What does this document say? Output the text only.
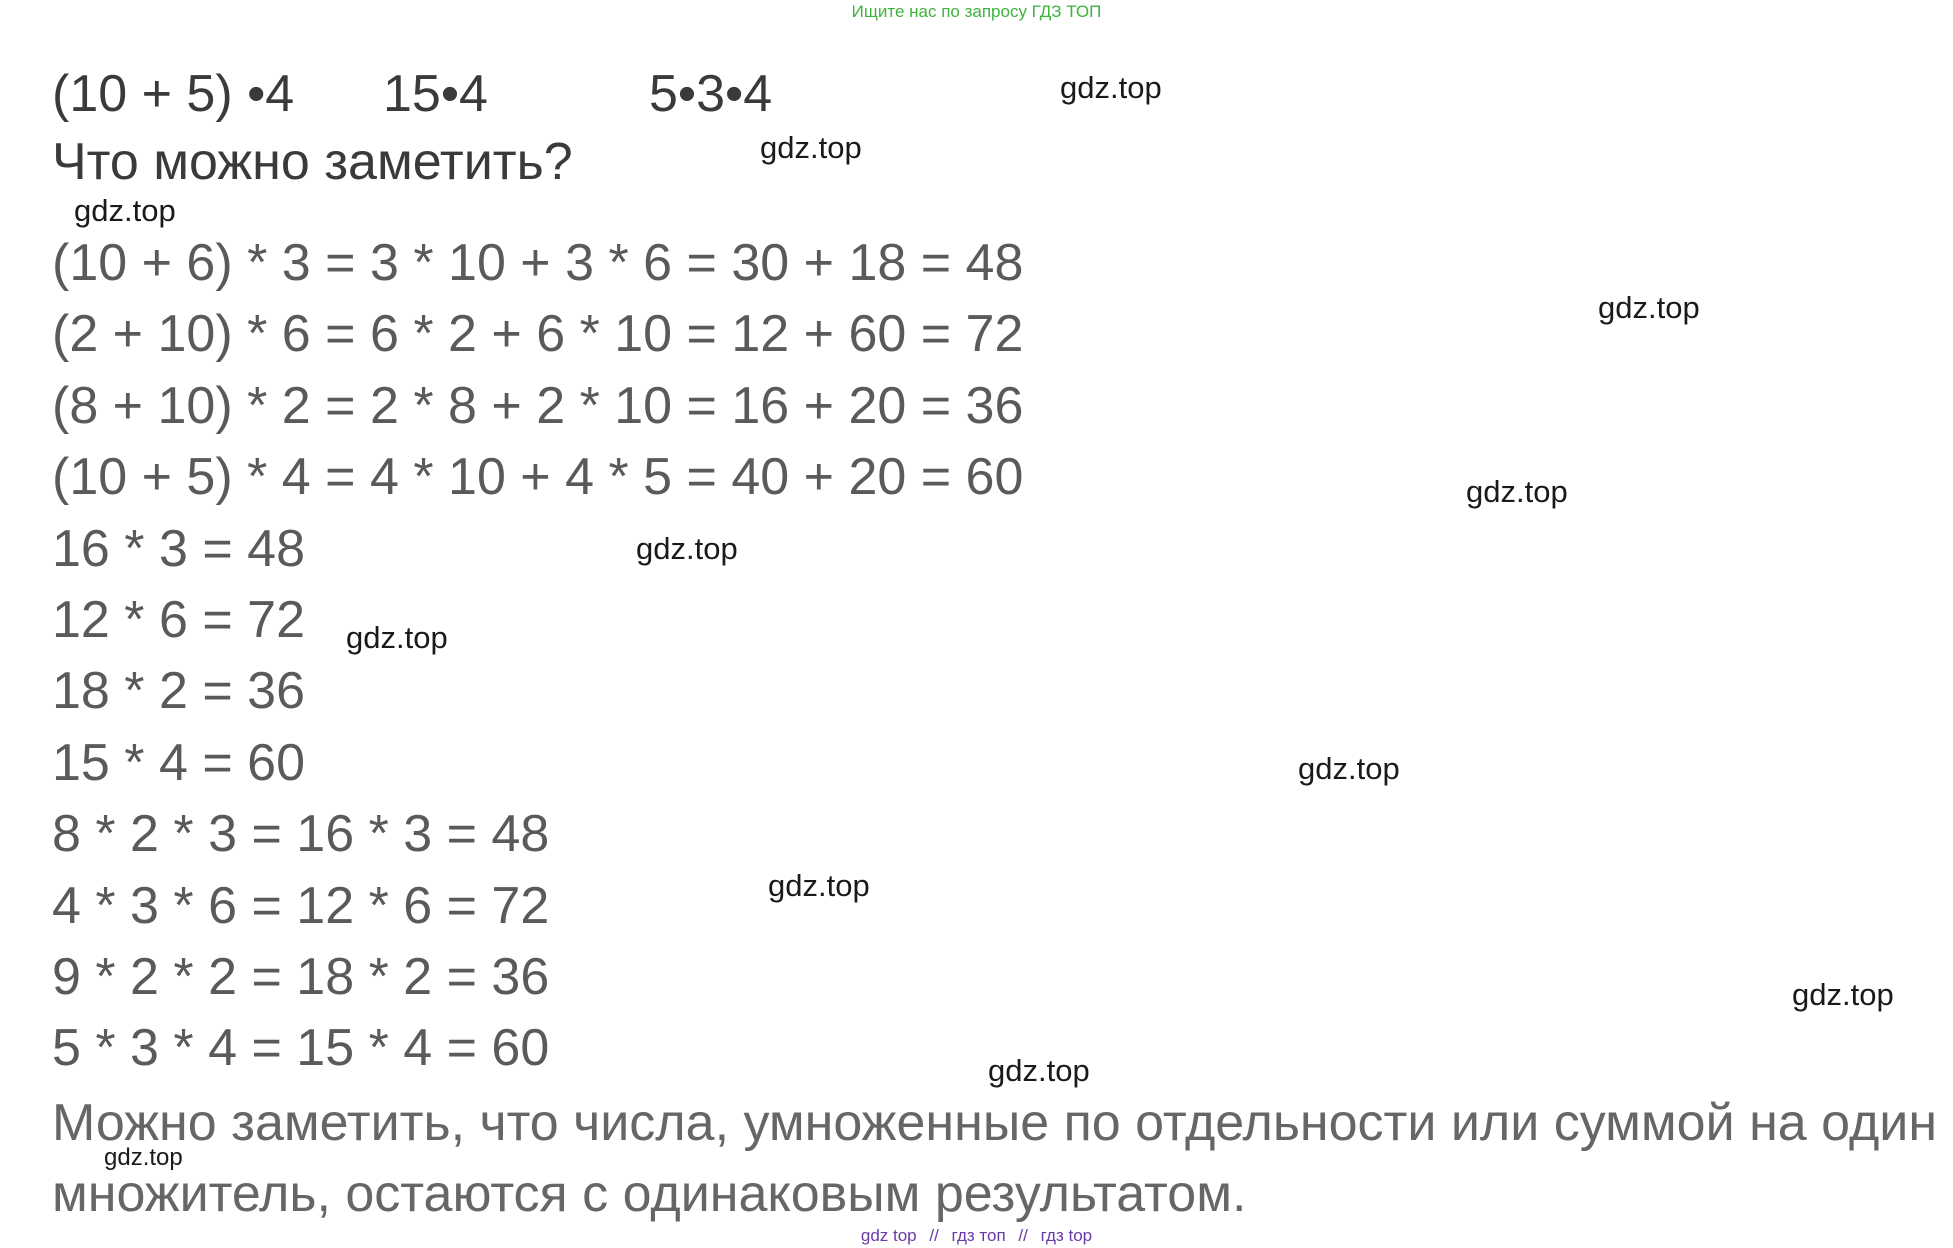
Ищите нас по запросу ГДЗ ТОП
(10 + 5) •4 15•4	5•3•4
Что можно заметить?
(10 + 6) * 3 = 3 * 10 + 3 * 6 = 30 + 18 = 48
(2 + 10) * 6 = 6 * 2 + 6 * 10 = 12 + 60 = 72
(8 + 10) * 2 = 2 * 8 + 2 * 10 = 16 + 20 = 36
(10 + 5) * 4 = 4 * 10 + 4 * 5 = 40 + 20 = 60
16 * 3 = 48
12 * 6 = 72
18 * 2 = 36
15 * 4 = 60
8 * 2 * 3 = 16 * 3 = 48
4 * 3 * 6 = 12 * 6 = 72
9 * 2 * 2 = 18 * 2 = 36
5 * 3 * 4 = 15 * 4 = 60
Можно заметить, что числа, умноженные по отдельности или суммой на один множитель, остаются с одинаковым результатом.
gdz.top
gdz.top
gdz.top
gdz.top
gdz.top
gdz.top
gdz.top
gdz.top
gdz.top
gdz.top
gdz.top
gdz.top
gdz top // гдз топ // гдз top
